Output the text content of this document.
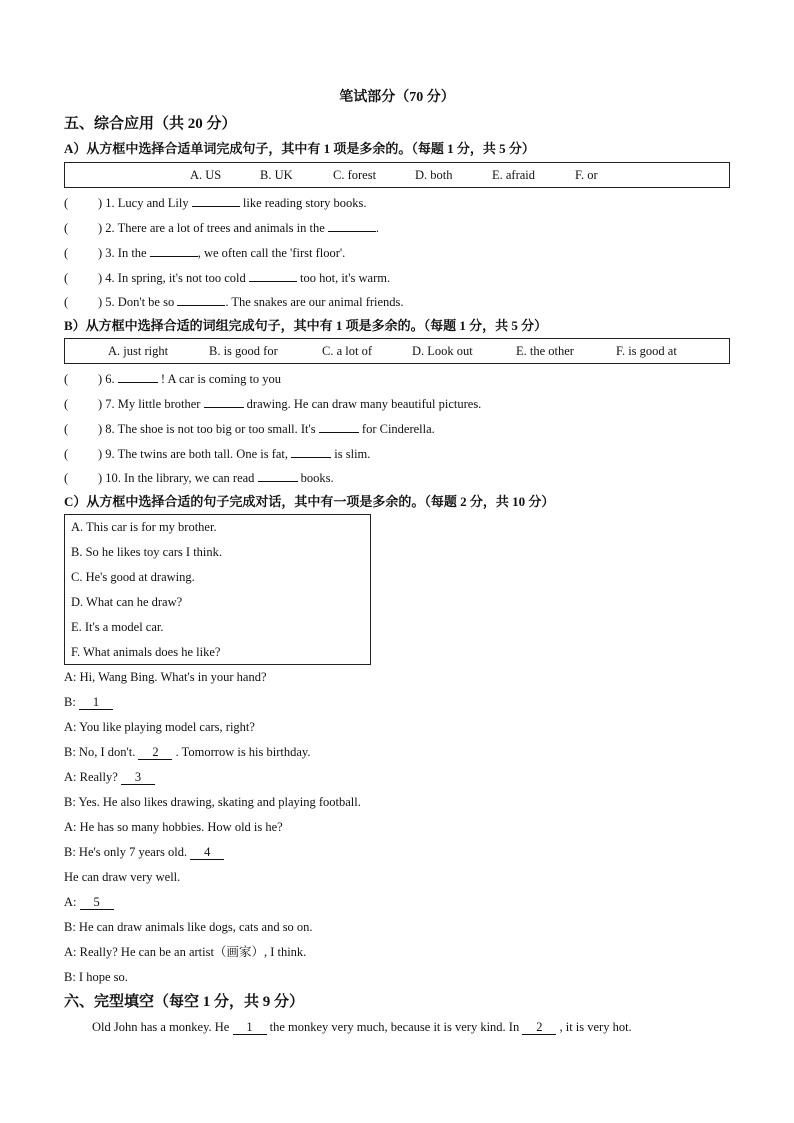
笔试部分（70 分）
五、综合应用（共 20 分）
A）从方框中选择合适单词完成句子，其中有 1 项是多余的。（每题 1 分，共 5 分）
A. US	B. UK	C. forest	D. both	E. afraid	F. or
( ) 1. Lucy and Lily	like reading story books.
( ) 2. There are a lot of trees and animals in the	.
( ) 3. In the	, we often call the 'first floor'.
( ) 4. In spring, it's not too cold	too hot, it's warm.
( ) 5. Don't be so	. The snakes are our animal friends.
B）从方框中选择合适的词组完成句子，其中有 1 项是多余的。（每题 1 分，共 5 分）
A. just right	B. is good for	C. a lot of	D. Look out	E. the other	F. is good at
( ) 6.	! A car is coming to you
( ) 7. My little brother	drawing. He can draw many beautiful pictures.
( ) 8. The shoe is not too big or too small. It's	for Cinderella.
( ) 9. The twins are both tall. One is fat,	is slim.
( ) 10. In the library, we can read	books.
C）从方框中选择合适的句子完成对话，其中有一项是多余的。（每题 2 分，共 10 分）
A. This car is for my brother.
B. So he likes toy cars I think.
C. He's good at drawing.
D. What can he draw?
E. It's a model car.
F. What animals does he like?
A: Hi, Wang Bing. What's in your hand?
B: 1
A: You like playing model cars, right?
B: No, I don't. 2 . Tomorrow is his birthday.
A: Really? 3
B: Yes. He also likes drawing, skating and playing football.
A: He has so many hobbies. How old is he?
B: He's only 7 years old. 4
He can draw very well.
A: 5
B: He can draw animals like dogs, cats and so on.
A: Really? He can be an artist（画家）, I think.
B: I hope so.
六、完型填空（每空 1 分，共 9 分）
Old John has a monkey. He 1 the monkey very much, because it is very kind. In 2 , it is very hot.
